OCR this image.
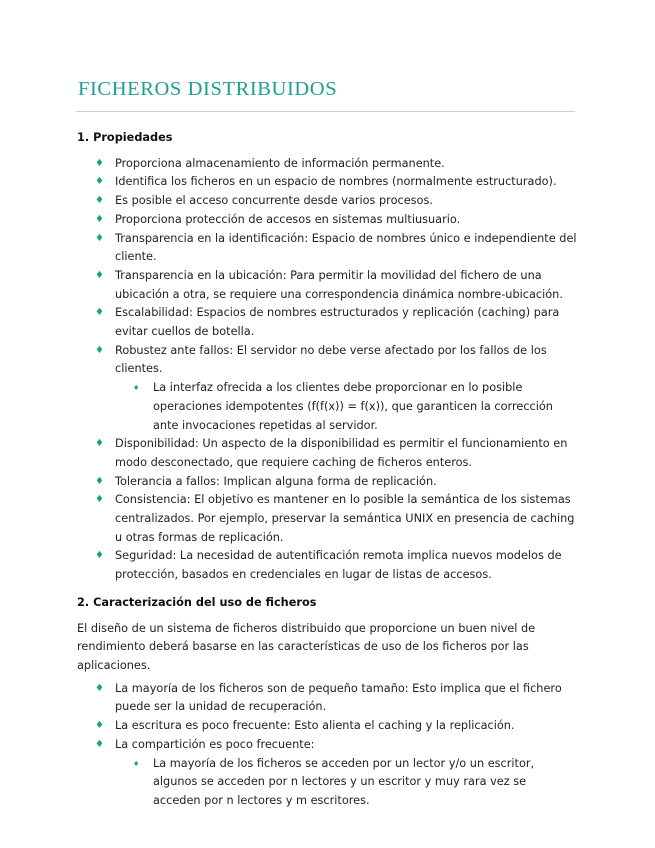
FICHEROS DISTRIBUIDOS
1. Propiedades
♦ Proporciona almacenamiento de información permanente.
♦ Identifica los ficheros en un espacio de nombres (normalmente estructurado).
♦ Es posible el acceso concurrente desde varios procesos.
♦ Proporciona protección de accesos en sistemas multiusuario.
♦ Transparencia en la identificación: Espacio de nombres único e independiente del cliente.
♦ Transparencia en la ubicación: Para permitir la movilidad del fichero de una ubicación a otra, se requiere una correspondencia dinámica nombre-ubicación.
♦ Escalabilidad: Espacios de nombres estructurados y replicación (caching) para evitar cuellos de botella.
♦ Robustez ante fallos: El servidor no debe verse afectado por los fallos de los clientes.
♦ La interfaz ofrecida a los clientes debe proporcionar en lo posible operaciones idempotentes (f(f(x)) = f(x)), que garanticen la corrección ante invocaciones repetidas al servidor.
♦ Disponibilidad: Un aspecto de la disponibilidad es permitir el funcionamiento en modo desconectado, que requiere caching de ficheros enteros.
♦ Tolerancia a fallos: Implican alguna forma de replicación.
♦ Consistencia: El objetivo es mantener en lo posible la semántica de los sistemas centralizados. Por ejemplo, preservar la semántica UNIX en presencia de caching u otras formas de replicación.
♦ Seguridad: La necesidad de autentificación remota implica nuevos modelos de protección, basados en credenciales en lugar de listas de accesos.
2. Caracterización del uso de ficheros

El diseño de un sistema de ficheros distribuido que proporcione un buen nivel de rendimiento deberá basarse en las características de uso de los ficheros por las aplicaciones.

♦ La mayoría de los ficheros son de pequeño tamaño: Esto implica que el fichero puede ser la unidad de recuperación.
♦ La escritura es poco frecuente: Esto alienta el caching y la replicación.
♦ La compartición es poco frecuente:
♦ La mayoría de los ficheros se acceden por un lector y/o un escritor, algunos se acceden por n lectores y un escritor y muy rara vez se acceden por n lectores y m escritores.
